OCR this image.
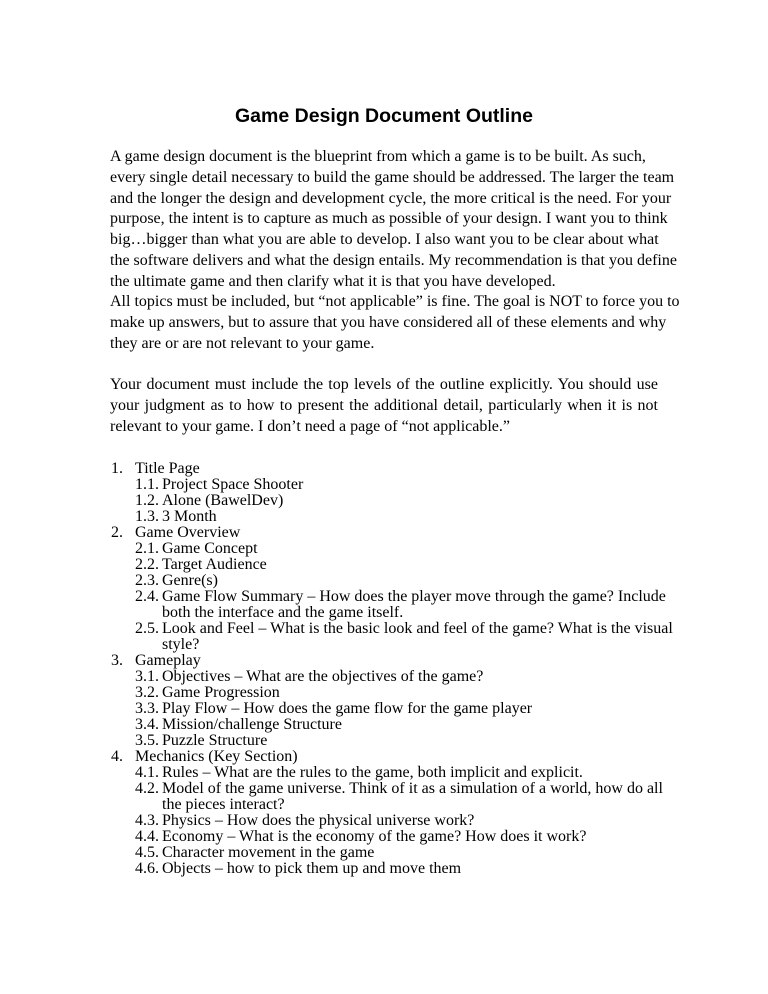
Game Design Document Outline
A game design document is the blueprint from which a game is to be built. As such,
every single detail necessary to build the game should be addressed. The larger the team
and the longer the design and development cycle, the more critical is the need. For your
purpose, the intent is to capture as much as possible of your design. I want you to think
big…bigger than what you are able to develop. I also want you to be clear about what
the software delivers and what the design entails. My recommendation is that you define
the ultimate game and then clarify what it is that you have developed.
All topics must be included, but “not applicable” is fine. The goal is NOT to force you to
make up answers, but to assure that you have considered all of these elements and why
they are or are not relevant to your game.
Your document must include the top levels of the outline explicitly. You should use
your judgment as to how to present the additional detail, particularly when it is not
relevant to your game. I don’t need a page of “not applicable.”
1. Title Page
1.1. Project Space Shooter
1.2. Alone (BawelDev)
1.3. 3 Month
2. Game Overview
2.1. Game Concept
2.2. Target Audience
2.3. Genre(s)
2.4. Game Flow Summary – How does the player move through the game? Include
both the interface and the game itself.
2.5. Look and Feel – What is the basic look and feel of the game? What is the visual
style?
3. Gameplay
3.1. Objectives – What are the objectives of the game?
3.2. Game Progression
3.3. Play Flow – How does the game flow for the game player
3.4. Mission/challenge Structure
3.5. Puzzle Structure
4. Mechanics (Key Section)
4.1. Rules – What are the rules to the game, both implicit and explicit.
4.2. Model of the game universe. Think of it as a simulation of a world, how do all
the pieces interact?
4.3. Physics – How does the physical universe work?
4.4. Economy – What is the economy of the game? How does it work?
4.5. Character movement in the game
4.6. Objects – how to pick them up and move them
